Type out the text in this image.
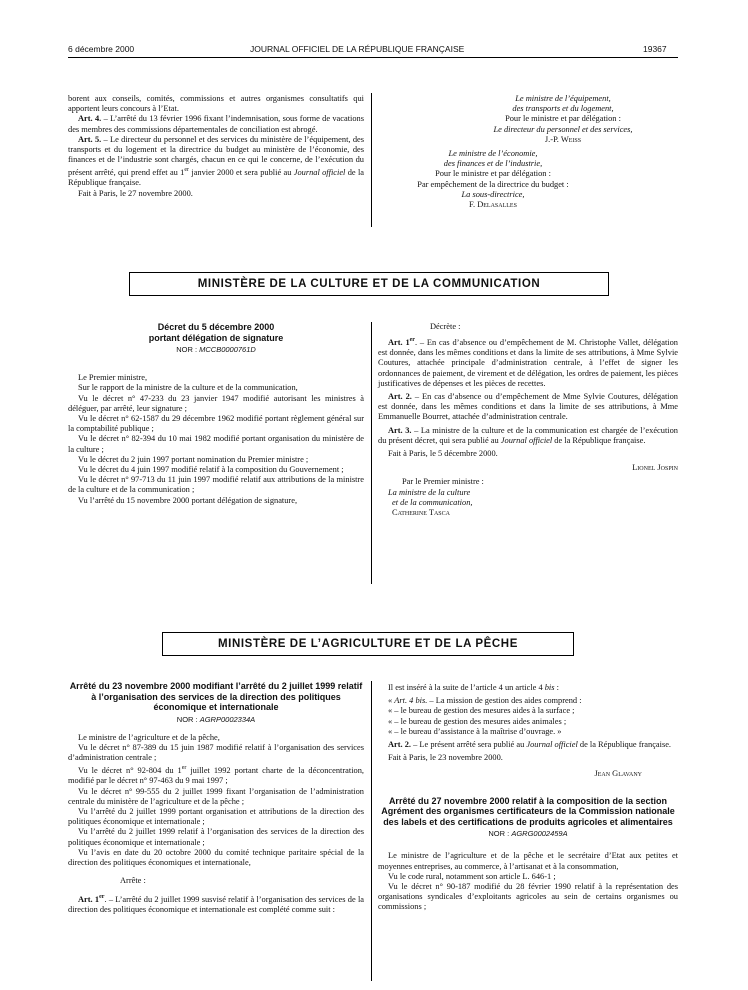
6 décembre 2000	JOURNAL OFFICIEL DE LA RÉPUBLIQUE FRANÇAISE	19367

borent aux conseils, comités, commissions et autres organismes consultatifs qui apportent leurs concours à l’Etat.

Art. 4. – L’arrêté du 13 février 1996 fixant l’indemnisation, sous forme de vacations des membres des commissions départementales de conciliation est abrogé.

Art. 5. – Le directeur du personnel et des services du ministère de l’équipement, des transports et du logement et la directrice du budget au ministère de l’économie, des finances et de l’industrie sont chargés, chacun en ce qui le concerne, de l’exécution du présent arrêté, qui prend effet au 1er janvier 2000 et sera publié au Journal officiel de la République française.

Fait à Paris, le 27 novembre 2000.

Le ministre de l’équipement,
des transports et du logement,
Pour le ministre et par délégation :
Le directeur du personnel et des services,
J.-P. Weiss
Le ministre de l’économie,
des finances et de l’industrie,
Pour le ministre et par délégation :
Par empêchement de la directrice du budget :
La sous-directrice,
F. Delasalles
MINISTÈRE DE LA CULTURE ET DE LA COMMUNICATION
Décret du 5 décembre 2000
portant délégation de signature
NOR : MCCB0000761D

Le Premier ministre,

Sur le rapport de la ministre de la culture et de la communication,

Vu le décret n° 47-233 du 23 janvier 1947 modifié autorisant les ministres à déléguer, par arrêté, leur signature ;

Vu le décret n° 62-1587 du 29 décembre 1962 modifié portant règlement général sur la comptabilité publique ;

Vu le décret n° 82-394 du 10 mai 1982 modifié portant organisation du ministère de la culture ;

Vu le décret du 2 juin 1997 portant nomination du Premier ministre ;

Vu le décret du 4 juin 1997 modifié relatif à la composition du Gouvernement ;

Vu le décret n° 97-713 du 11 juin 1997 modifié relatif aux attributions de la ministre de la culture et de la communication ;

Vu l’arrêté du 15 novembre 2000 portant délégation de signature,

Décrète :

Art. 1er. – En cas d’absence ou d’empêchement de M. Christophe Vallet, délégation est donnée, dans les mêmes conditions et dans la limite de ses attributions, à Mme Sylvie Coutures, attachée principale d’administration centrale, à l’effet de signer les ordonnances de paiement, de virement et de délégation, les ordres de paiement, les pièces justificatives de dépenses et les pièces de recettes.

Art. 2. – En cas d’absence ou d’empêchement de Mme Sylvie Coutures, délégation est donnée, dans les mêmes conditions et dans la limite de ses attributions, à Mme Emmanuelle Bourret, attachée d’administration centrale.

Art. 3. – La ministre de la culture et de la communication est chargée de l’exécution du présent décret, qui sera publié au Journal officiel de la République française.

Fait à Paris, le 5 décembre 2000.

Lionel Jospin
Par le Premier ministre :
La ministre de la culture
et de la communication,
Catherine Tasca
MINISTÈRE DE L’AGRICULTURE ET DE LA PÊCHE
Arrêté du 23 novembre 2000 modifiant l’arrêté du 2 juillet 1999 relatif à l’organisation des services de la direction des politiques économique et internationale
NOR : AGRP0002334A

Le ministre de l’agriculture et de la pêche,

Vu le décret n° 87-389 du 15 juin 1987 modifié relatif à l’organisation des services d’administration centrale ;

Vu le décret n° 92-804 du 1er juillet 1992 portant charte de la déconcentration, modifié par le décret n° 97-463 du 9 mai 1997 ;

Vu le décret n° 99-555 du 2 juillet 1999 fixant l’organisation de l’administration centrale du ministère de l’agriculture et de la pêche ;

Vu l’arrêté du 2 juillet 1999 portant organisation et attributions de la direction des politiques économique et internationale ;

Vu l’arrêté du 2 juillet 1999 relatif à l’organisation des services de la direction des politiques économique et internationale ;

Vu l’avis en date du 20 octobre 2000 du comité technique paritaire spécial de la direction des politiques économiques et internationale,

Arrête :

Art. 1er. – L’arrêté du 2 juillet 1999 susvisé relatif à l’organisation des services de la direction des politiques économique et internationale est complété comme suit :

Il est inséré à la suite de l’article 4 un article 4 bis :

« Art. 4 bis. – La mission de gestion des aides comprend :

« – le bureau de gestion des mesures aides à la surface ;

« – le bureau de gestion des mesures aides animales ;

« – le bureau d’assistance à la maîtrise d’ouvrage. »

Art. 2. – Le présent arrêté sera publié au Journal officiel de la République française.

Fait à Paris, le 23 novembre 2000.

Jean Glavany
Arrêté du 27 novembre 2000 relatif à la composition de la section Agrément des organismes certificateurs de la Commission nationale des labels et des certifications de produits agricoles et alimentaires
NOR : AGRG0002459A

Le ministre de l’agriculture et de la pêche et le secrétaire d’Etat aux petites et moyennes entreprises, au commerce, à l’artisanat et à la consommation,

Vu le code rural, notamment son article L. 646-1 ;

Vu le décret n° 90-187 modifié du 28 février 1990 relatif à la représentation des organisations syndicales d’exploitants agricoles au sein de certains organismes ou commissions ;
